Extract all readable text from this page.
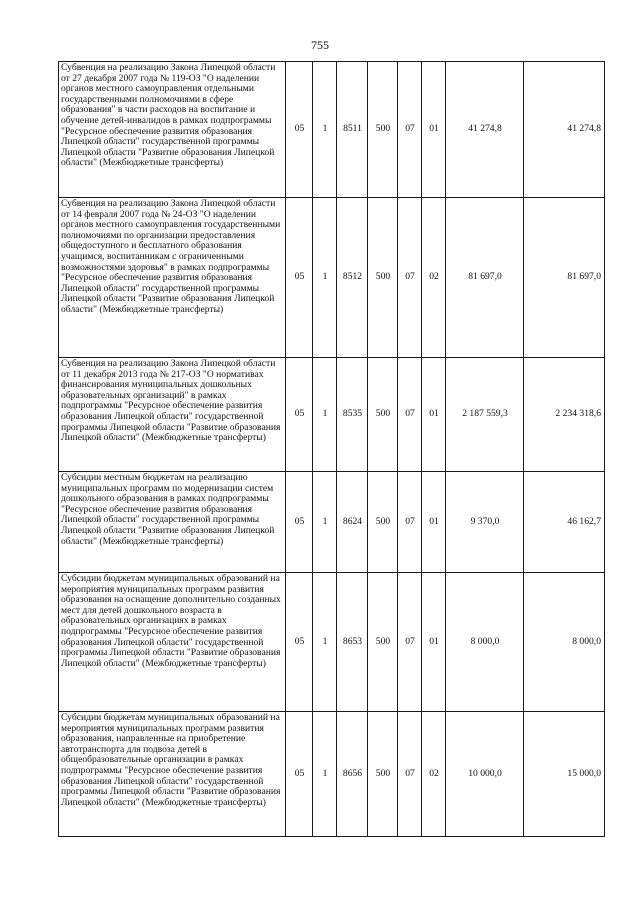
755
Субвенция на реализацию Закона Липецкой области от 27 декабря 2007 года № 119-ОЗ "О наделении органов местного самоуправления отдельными государственными полномочиями в сфере образования" в части расходов на воспитание и обучение детей-инвалидов в рамках подпрограммы "Ресурсное обеспечение развития образования Липецкой области" государственной программы Липецкой области "Развитие образования Липецкой области" (Межбюджетные трансферты)	05	1	8511	500	07	01	41 274,8	41 274,8
Субвенция на реализацию Закона Липецкой области от 14 февраля 2007 года № 24-ОЗ "О наделении органов местного самоуправления государственными полномочиями по организации предоставления общедоступного и бесплатного образования учащимся, воспитанникам с ограниченными возможностями здоровья" в рамках подпрограммы "Ресурсное обеспечение развития образования Липецкой области" государственной программы Липецкой области "Развитие образования Липецкой области" (Межбюджетные трансферты)	05	1	8512	500	07	02	81 697,0	81 697,0
Субвенция на реализацию Закона Липецкой области от 11 декабря 2013 года № 217-ОЗ "О нормативах финансирования муниципальных дошкольных образовательных организаций" в рамках подпрограммы "Ресурсное обеспечение развития образования Липецкой области" государственной программы Липецкой области "Развитие образования Липецкой области" (Межбюджетные трансферты)	05	1	8535	500	07	01	2 187 559,3	2 234 318,6
Субсидии местным бюджетам на реализацию муниципальных программ по модернизации систем дошкольного образования в рамках подпрограммы "Ресурсное обеспечение развития образования Липецкой области" государственной программы Липецкой области "Развитие образования Липецкой области" (Межбюджетные трансферты)	05	1	8624	500	07	01	9 370,0	46 162,7
Субсидии бюджетам муниципальных образований на мероприятия муниципальных программ развития образования на оснащение дополнительно созданных мест для детей дошкольного возраста в образовательных организациях в рамках подпрограммы "Ресурсное обеспечение развития образования Липецкой области" государственной программы Липецкой области "Развитие образования Липецкой области" (Межбюджетные трансферты)	05	1	8653	500	07	01	8 000,0	8 000,0
Субсидии бюджетам муниципальных образований на мероприятия муниципальных программ развития образования, направленные на приобретение автотранспорта для подвоза детей в общеобразовательные организации в рамках подпрограммы "Ресурсное обеспечение развития образования Липецкой области" государственной программы Липецкой области "Развитие образования Липецкой области" (Межбюджетные трансферты)	05	1	8656	500	07	02	10 000,0	15 000,0
